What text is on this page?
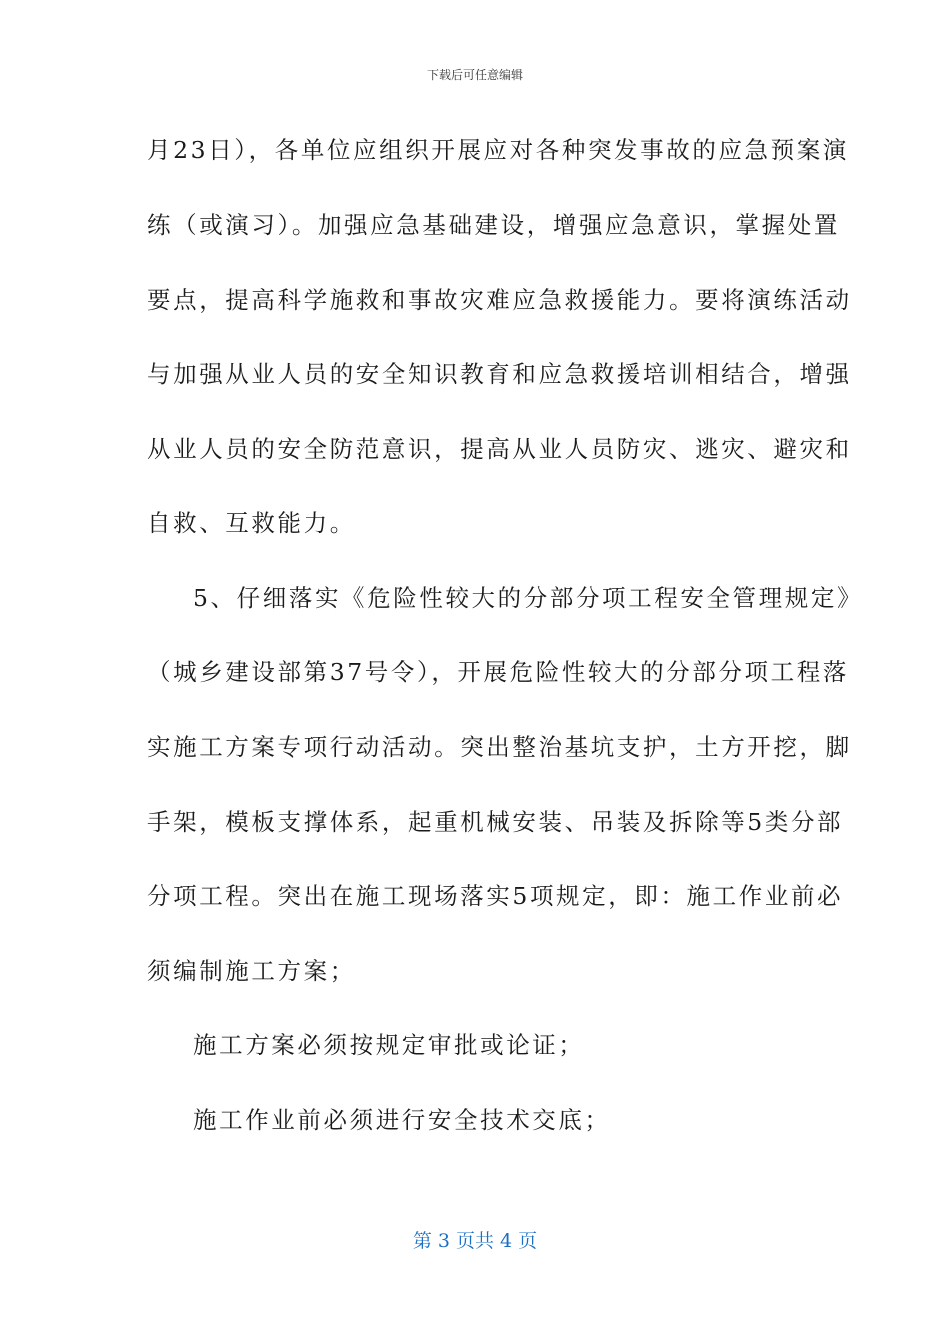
下载后可任意编辑
月23日），各单位应组织开展应对各种突发事故的应急预案演
练（或演习）。加强应急基础建设，增强应急意识，掌握处置
要点，提高科学施救和事故灾难应急救援能力。要将演练活动
与加强从业人员的安全知识教育和应急救援培训相结合，增强
从业人员的安全防范意识，提高从业人员防灾、逃灾、避灾和
自救、互救能力。
5、仔细落实《危险性较大的分部分项工程安全管理规定》
（城乡建设部第37号令），开展危险性较大的分部分项工程落
实施工方案专项行动活动。突出整治基坑支护，土方开挖，脚
手架，模板支撑体系，起重机械安装、吊装及拆除等5类分部
分项工程。突出在施工现场落实5项规定，即：施工作业前必
须编制施工方案；
施工方案必须按规定审批或论证；
施工作业前必须进行安全技术交底；
第 3 页共 4 页
